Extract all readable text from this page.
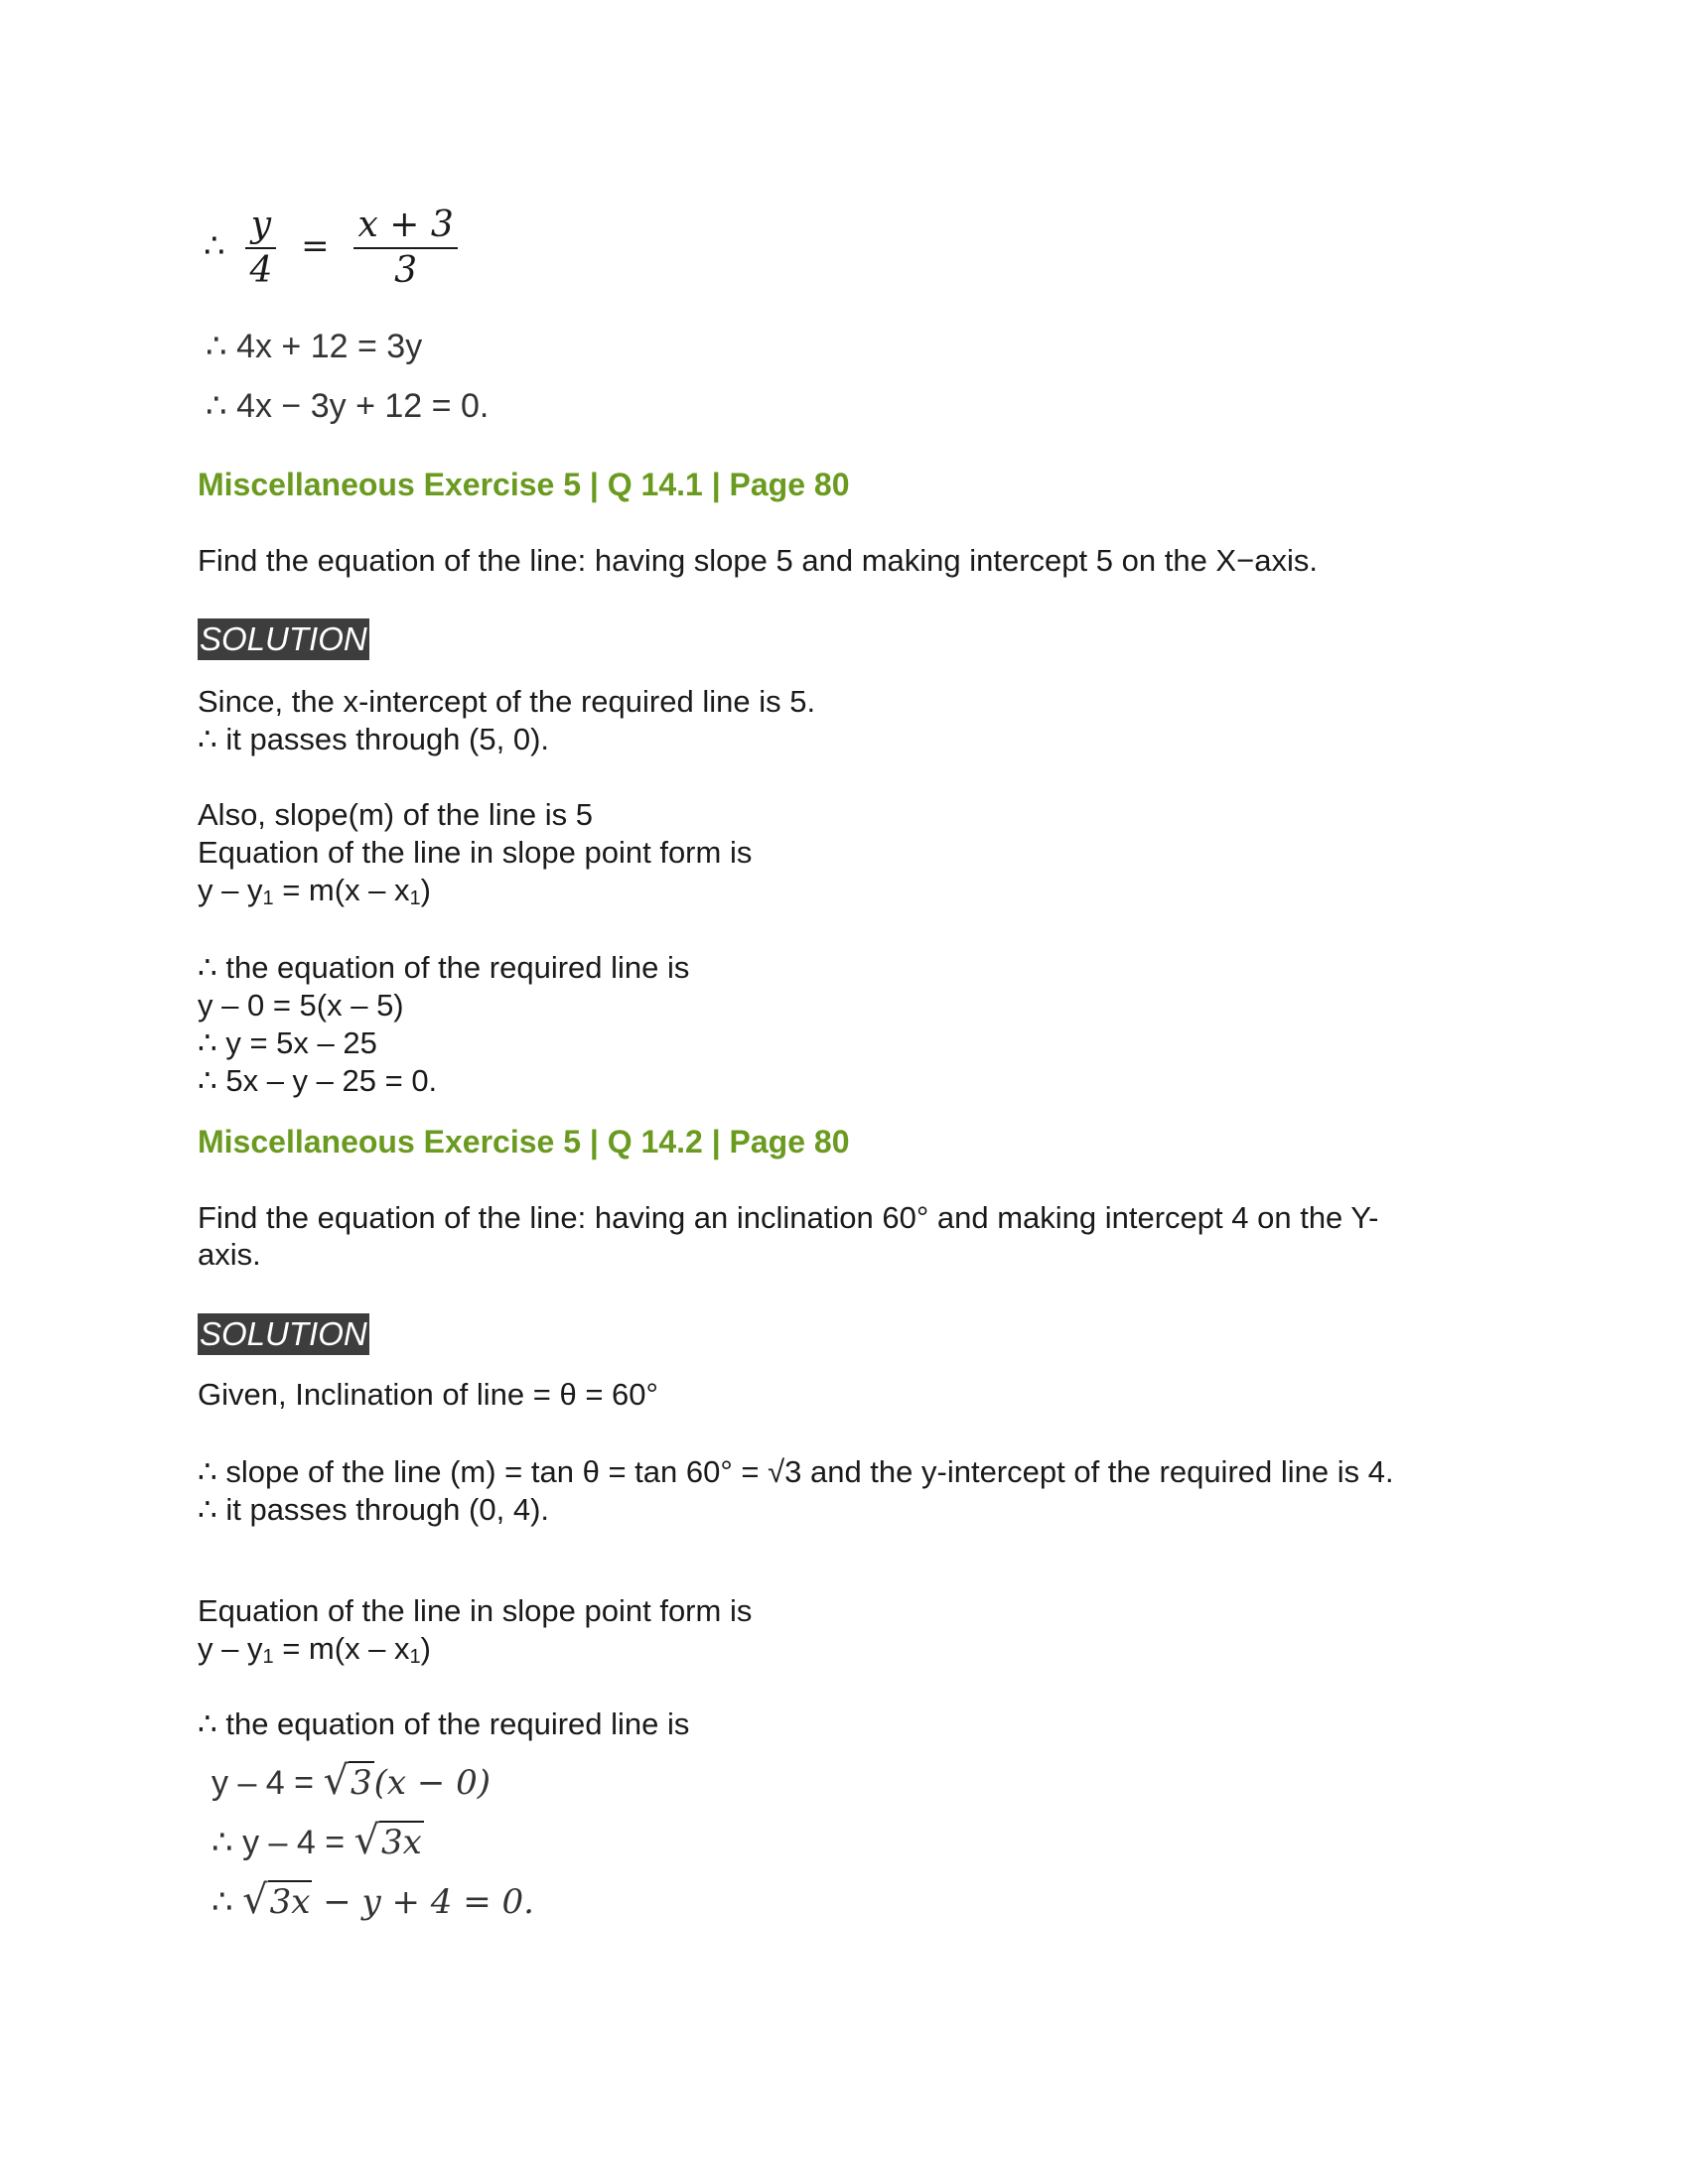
∴ $\frac{y}{4} = \frac{x + 3}{3}$
∴ 4x + 12 = 3y
∴ 4x − 3y + 12 = 0.
Miscellaneous Exercise 5 | Q 14.1 | Page 80
Find the equation of the line: having slope 5 and making intercept 5 on the X−axis.
SOLUTION
Since, the x-intercept of the required line is 5.
∴ it passes through (5, 0).
Also, slope(m) of the line is 5
Equation of the line in slope point form is
$y - y_1 = m(x - x_1)$
∴ the equation of the required line is
y – 0 = 5(x – 5)
∴ y = 5x – 25
∴ 5x – y – 25 = 0.
Miscellaneous Exercise 5 | Q 14.2 | Page 80
Find the equation of the line: having an inclination 60° and making intercept 4 on the Y-
axis.
SOLUTION
Given, Inclination of line = θ = 60°
∴ slope of the line (m) = tan θ = tan 60° = √3 and the y-intercept of the required line is 4.
∴ it passes through (0, 4).
Equation of the line in slope point form is
$y - y_1 = m(x - x_1)$
∴ the equation of the required line is
y – 4 = √3(x − 0)
∴ y – 4 = √3x
∴ √3x − y + 4 = 0.
